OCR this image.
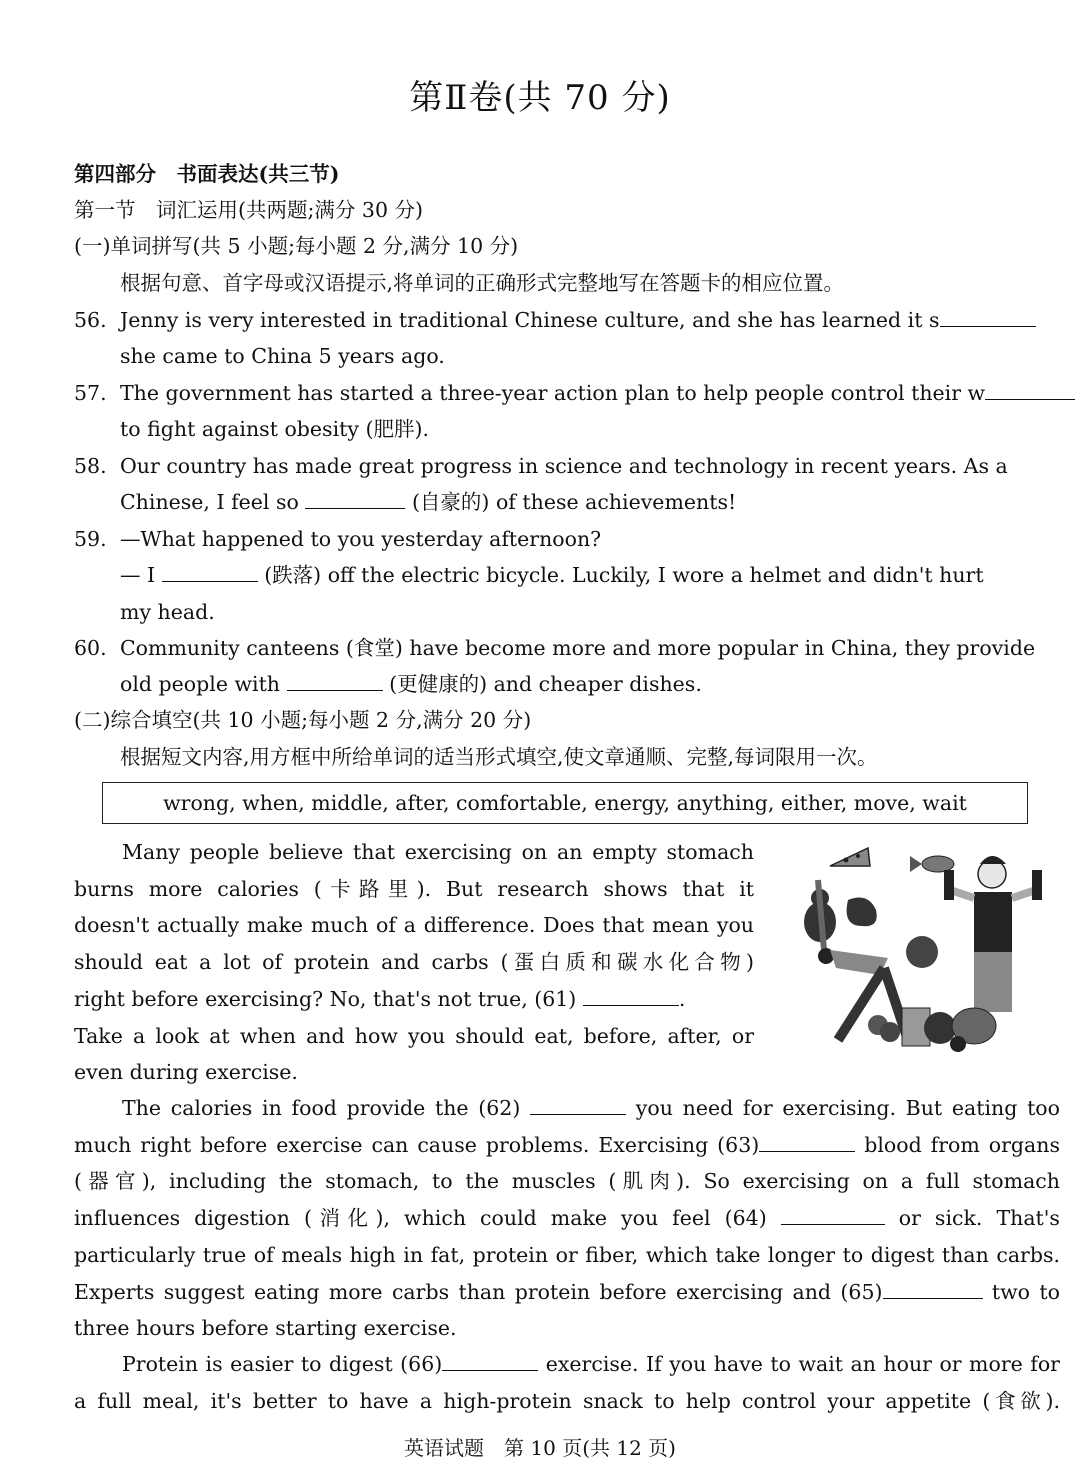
第Ⅱ卷(共 70 分)
第四部分　书面表达(共三节)
第一节　词汇运用(共两题;满分 30 分)
(一)单词拼写(共 5 小题;每小题 2 分,满分 10 分)
根据句意、首字母或汉语提示,将单词的正确形式完整地写在答题卡的相应位置。
56. Jenny is very interested in traditional Chinese culture, and she has learned it s
she came to China 5 years ago.
57. The government has started a three-year action plan to help people control their w
to fight against obesity (肥胖).
58. Our country has made great progress in science and technology in recent years. As a
Chinese, I feel so	(自豪的) of these achievements!
59. —What happened to you yesterday afternoon?
— I	(跌落) off the electric bicycle. Luckily, I wore a helmet and didn't hurt
my head.
60. Community canteens (食堂) have become more and more popular in China, they provide
old people with	(更健康的) and cheaper dishes.
(二)综合填空(共 10 小题;每小题 2 分,满分 20 分)
根据短文内容,用方框中所给单词的适当形式填空,使文章通顺、完整,每词限用一次。
wrong, when, middle, after, comfortable, energy, anything, either, move, wait
Many people believe that exercising on an empty stomach
burns more calories (卡路里). But research shows that it
doesn't actually make much of a difference. Does that mean you
should eat a lot of protein and carbs (蛋白质和碳水化合物)
right before exercising? No, that's not true, (61)	.
Take a look at when and how you should eat, before, after, or
even during exercise.
The calories in food provide the (62)	you need for exercising. But eating too
much right before exercise can cause problems. Exercising (63)	blood from organs
(器官), including the stomach, to the muscles (肌肉). So exercising on a full stomach
influences digestion (消化), which could make you feel (64)	or sick. That's
particularly true of meals high in fat, protein or fiber, which take longer to digest than carbs.
Experts suggest eating more carbs than protein before exercising and (65)	two to
three hours before starting exercise.
Protein is easier to digest (66)	exercise. If you have to wait an hour or more for
a full meal, it's better to have a high-protein snack to help control your appetite (食欲).
英语试题　第 10 页(共 12 页)
